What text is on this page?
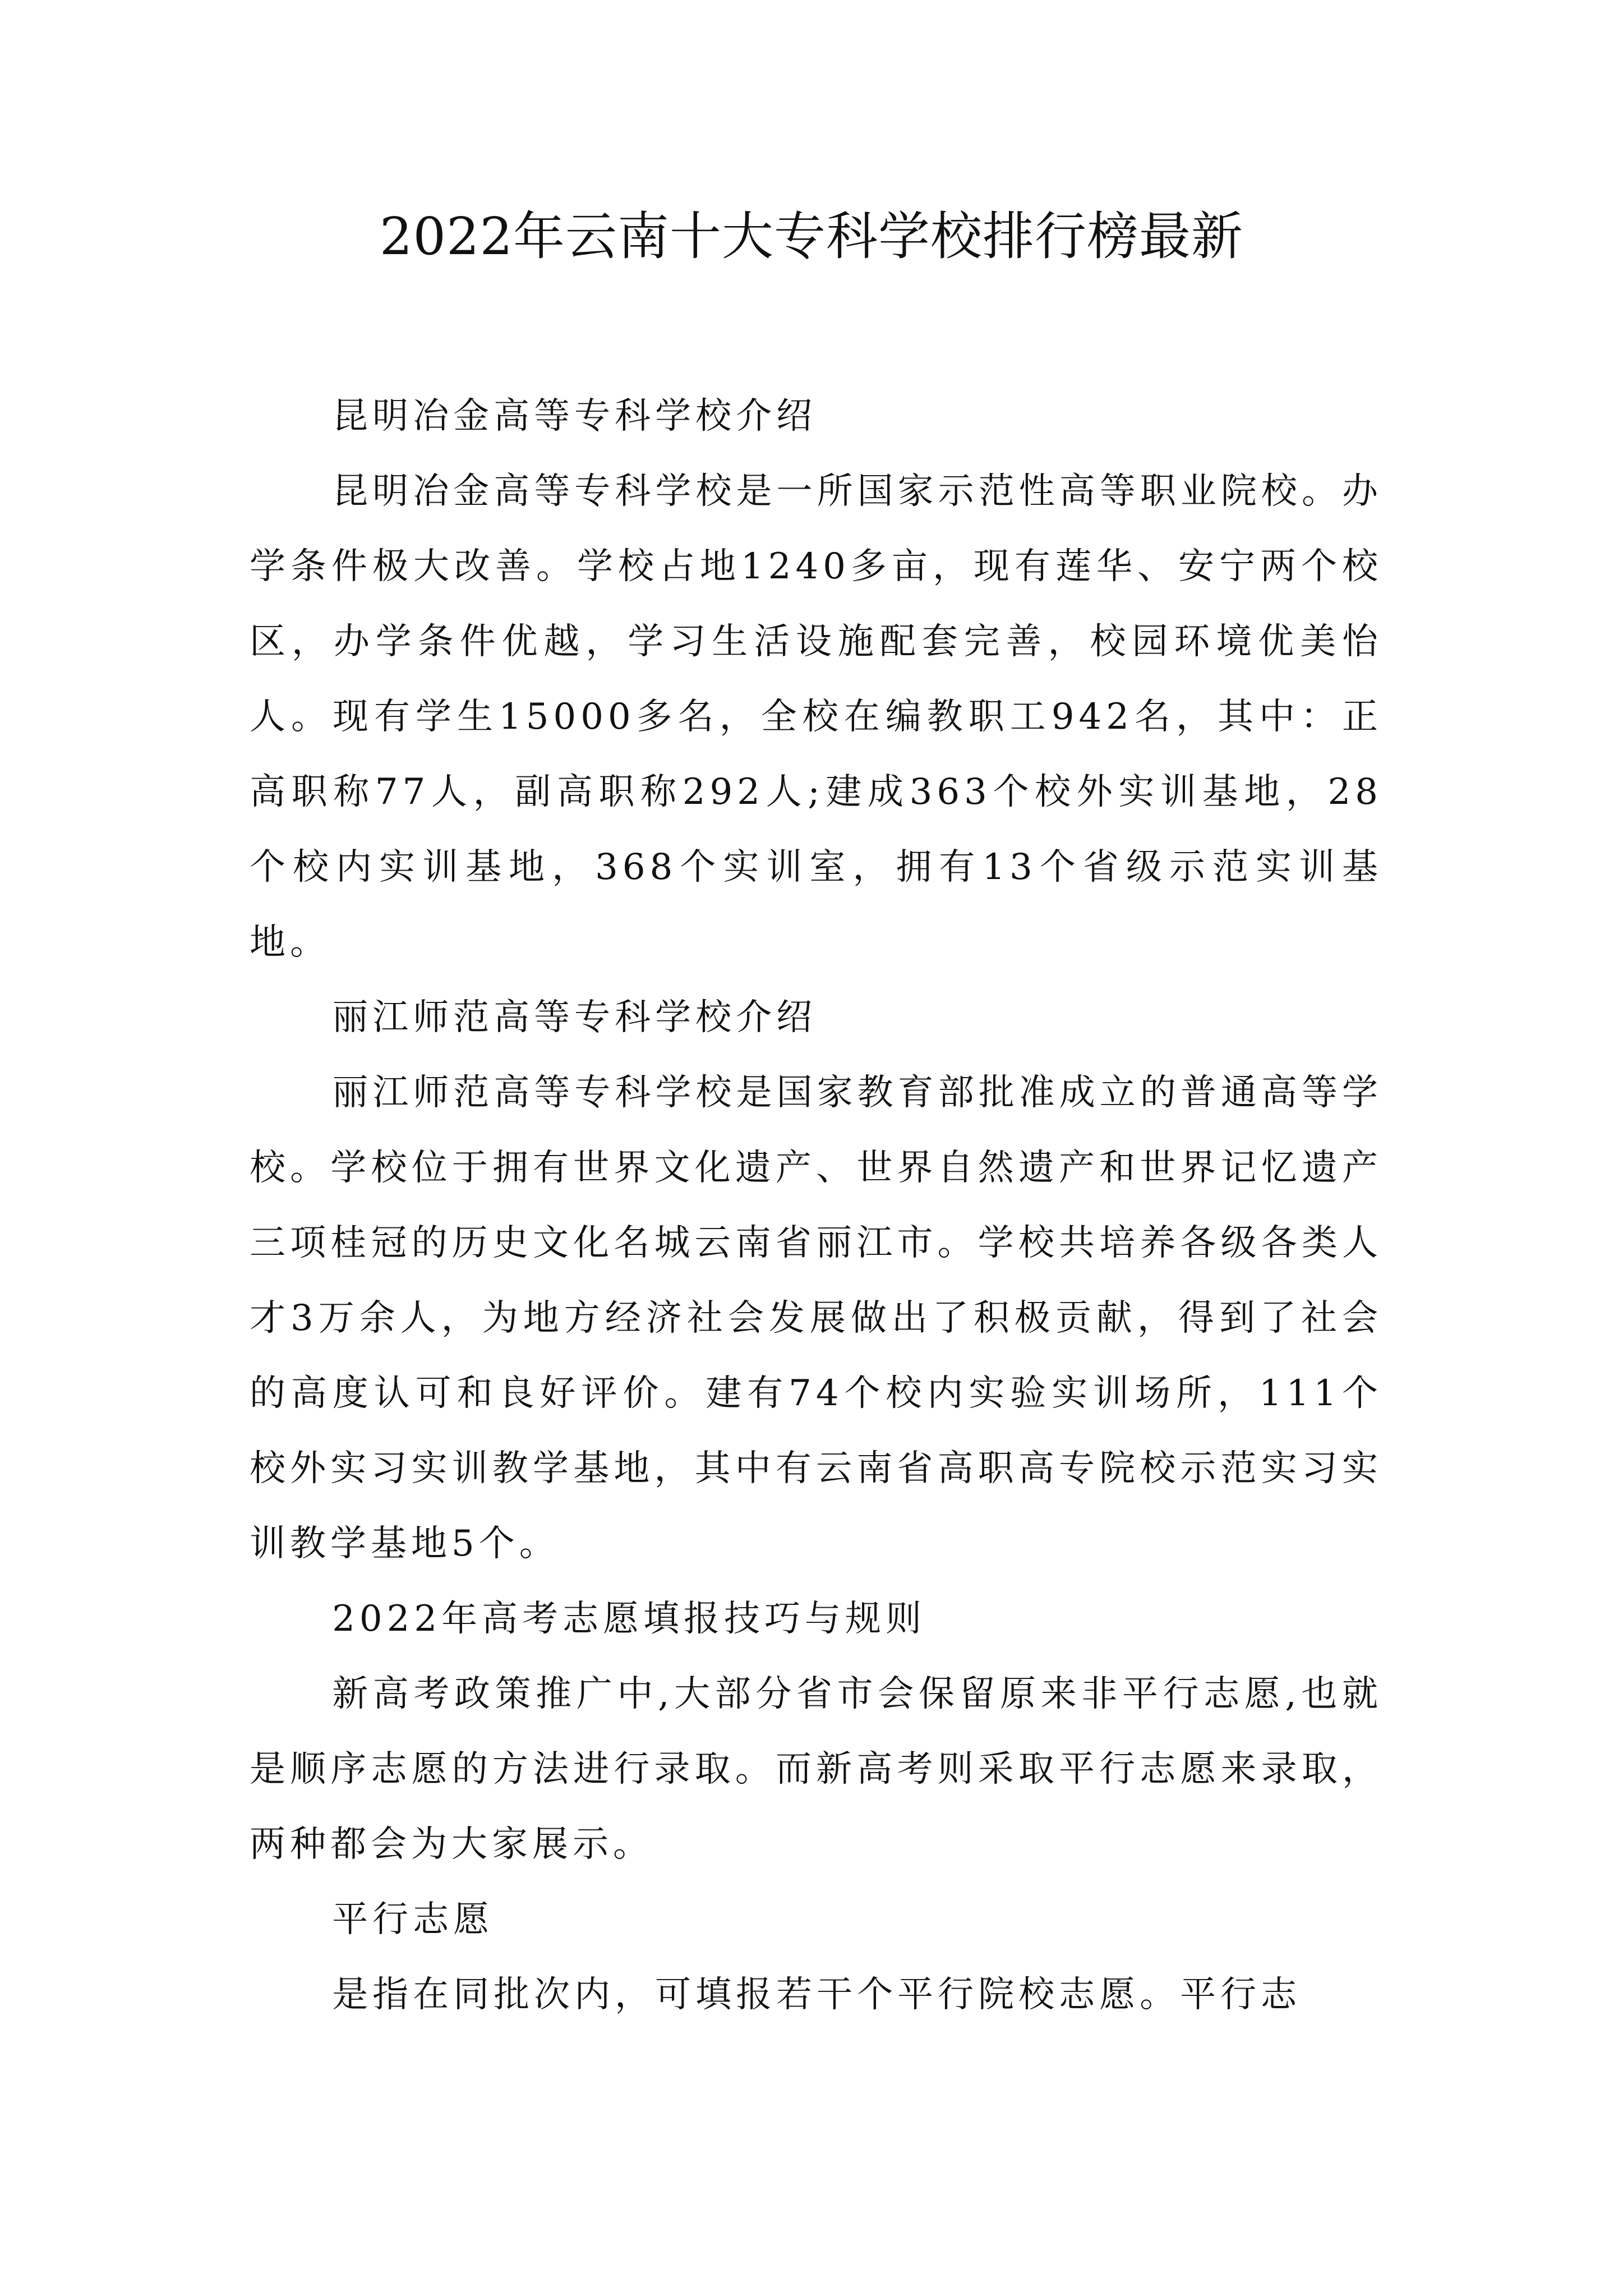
2022年云南十大专科学校排行榜最新

昆明冶金高等专科学校介绍

昆明冶金高等专科学校是一所国家示范性高等职业院校。办学条件极大改善。学校占地1240多亩，现有莲华、安宁两个校区，办学条件优越，学习生活设施配套完善，校园环境优美怡人。现有学生15000多名，全校在编教职工942名，其中：正高职称77人，副高职称292人;建成363个校外实训基地，28个校内实训基地，368个实训室，拥有13个省级示范实训基地。

丽江师范高等专科学校介绍

丽江师范高等专科学校是国家教育部批准成立的普通高等学校。学校位于拥有世界文化遗产、世界自然遗产和世界记忆遗产三项桂冠的历史文化名城云南省丽江市。学校共培养各级各类人才3万余人，为地方经济社会发展做出了积极贡献，得到了社会的高度认可和良好评价。建有74个校内实验实训场所，111个校外实习实训教学基地，其中有云南省高职高专院校示范实习实训教学基地5个。

2022年高考志愿填报技巧与规则

新高考政策推广中,大部分省市会保留原来非平行志愿,也就是顺序志愿的方法进行录取。而新高考则采取平行志愿来录取，两种都会为大家展示。

平行志愿

是指在同批次内，可填报若干个平行院校志愿。平行志
